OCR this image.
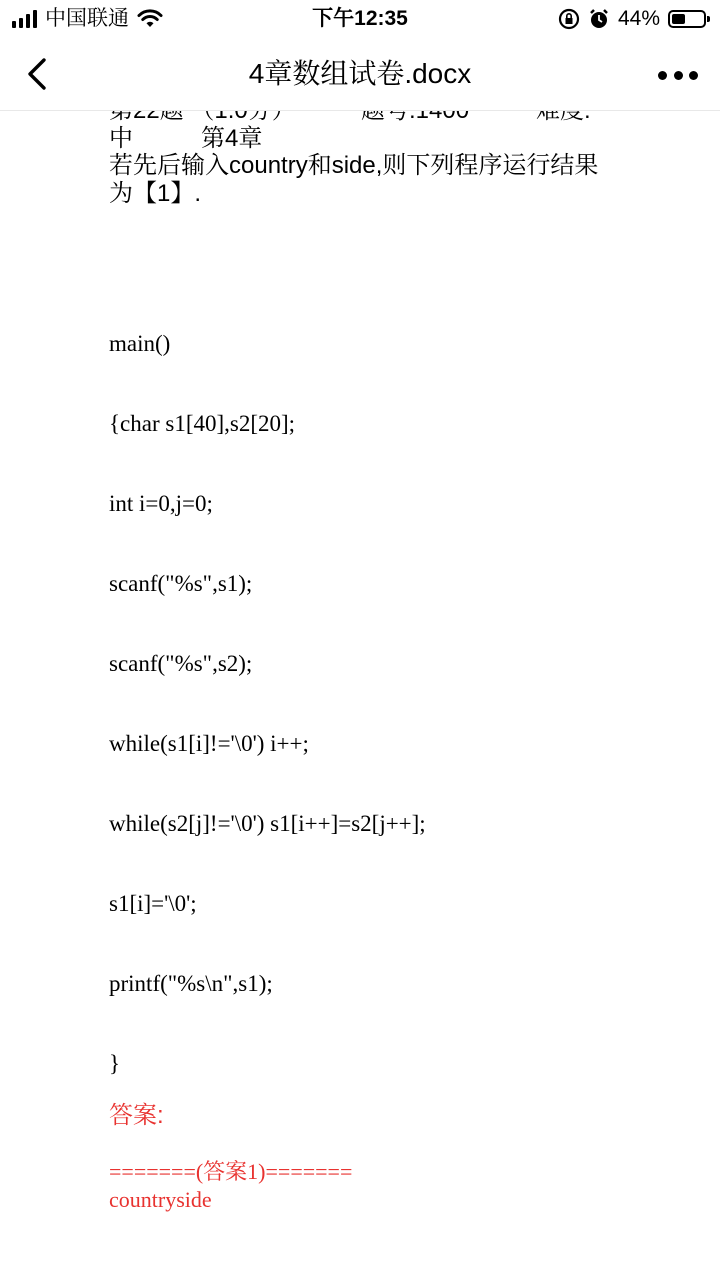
中国联通	下午12:35	44%
4章数组试卷.docx
中	第4章
若先后输入country和side,则下列程序运行结果
为【1】.
main()
{char s1[40],s2[20];
int i=0,j=0;
scanf("%s",s1);
scanf("%s",s2);
while(s1[i]!='\0') i++;
while(s2[j]!='\0') s1[i++]=s2[j++];
s1[i]='\0';
printf("%s\n",s1);
}
答案:
=======(答案1)=======
countryside
